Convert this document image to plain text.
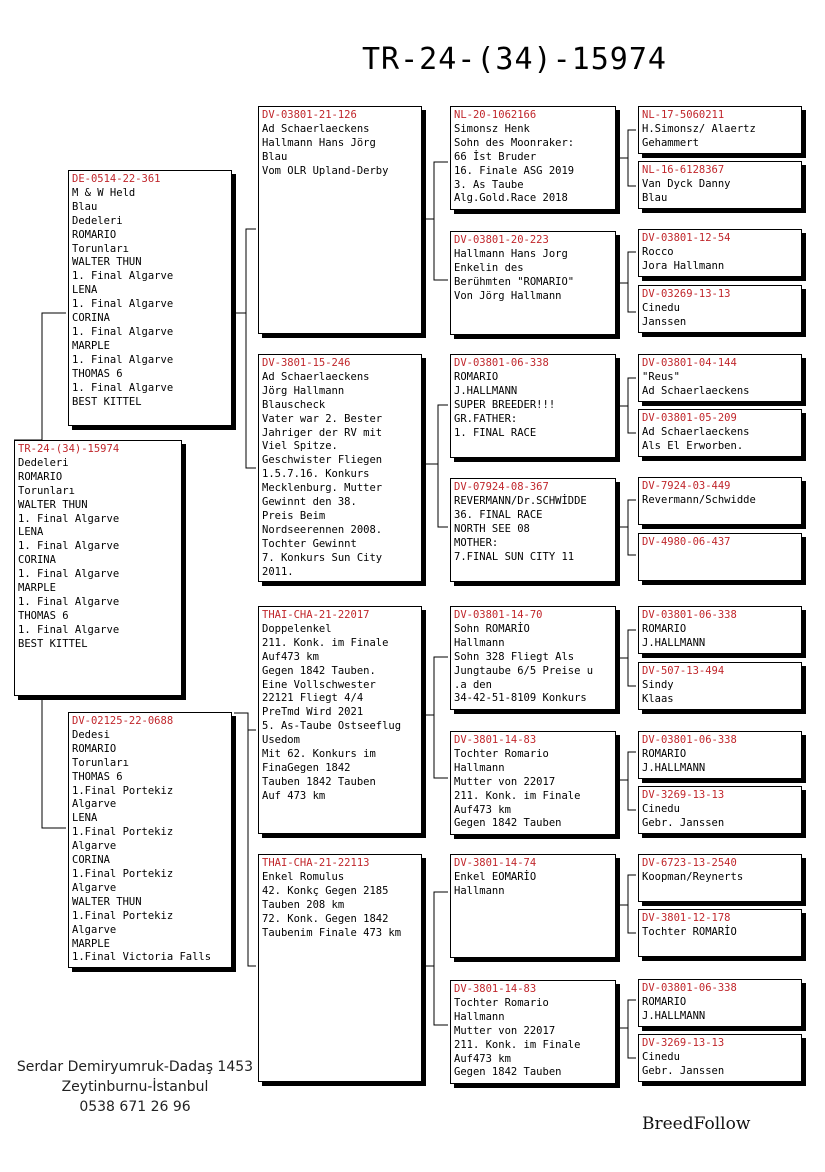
TR-24-(34)-15974
TR-24-(34)-15974
Dedeleri
ROMARIO
Torunları
WALTER THUN
1. Final Algarve
LENA
1. Final Algarve
CORINA
1. Final Algarve
MARPLE
1. Final Algarve
THOMAS 6
1. Final Algarve
BEST KITTEL
DE-0514-22-361
M & W Held
Blau
Dedeleri
ROMARIO
Torunları
WALTER THUN
1. Final Algarve
LENA
1. Final Algarve
CORINA
1. Final Algarve
MARPLE
1. Final Algarve
THOMAS 6
1. Final Algarve
BEST KITTEL
DV-02125-22-0688
Dedesi
ROMARIO
Torunları
THOMAS 6
1.Final Portekiz
Algarve
LENA
1.Final Portekiz
Algarve
CORINA
1.Final Portekiz
Algarve
WALTER THUN
1.Final Portekiz
Algarve
MARPLE
1.Final Victoria Falls
DV-03801-21-126
Ad Schaerlaeckens
Hallmann Hans Jörg
Blau
Vom OLR Upland-Derby
DV-3801-15-246
Ad Schaerlaeckens
Jörg Hallmann
Blauscheck
Vater war 2. Bester
Jahriger der RV mit
Viel Spitze.
Geschwister Fliegen
1.5.7.16. Konkurs
Mecklenburg. Mutter
Gewinnt den 38.
Preis Beim
Nordseerennen 2008.
Tochter Gewinnt
7. Konkurs Sun City
2011.
THAI-CHA-21-22017
Doppelenkel
211. Konk. im Finale
Auf473 km
Gegen 1842 Tauben.
Eine Vollschwester
22121 Fliegt 4/4
PreTmd Wird 2021
5. As-Taube Ostseeflug
Usedom
Mit 62. Konkurs im
FinaGegen 1842
Tauben 1842 Tauben
Auf 473 km
THAI-CHA-21-22113
Enkel Romulus
42. Konkç Gegen 2185
Tauben 208 km
72. Konk. Gegen 1842
Taubenim Finale 473 km
NL-20-1062166
Simonsz Henk
Sohn des Moonraker:
66 İst Bruder
16. Finale ASG 2019
3. As Taube
Alg.Gold.Race 2018
DV-03801-20-223
Hallmann Hans Jorg
Enkelin des
Berühmten "ROMARIO"
Von Jörg Hallmann
DV-03801-06-338
ROMARIO
J.HALLMANN
SUPER BREEDER!!!
GR.FATHER:
1. FINAL RACE
DV-07924-08-367
REVERMANN/Dr.SCHWİDDE
36. FINAL RACE
NORTH SEE 08
MOTHER:
7.FINAL SUN CITY 11
DV-03801-14-70
Sohn ROMARİO
Hallmann
Sohn 328 Fliegt Als
Jungtaube 6/5 Preise u
.a den
34-42-51-8109 Konkurs
DV-3801-14-83
Tochter Romario
Hallmann
Mutter von 22017
211. Konk. im Finale
Auf473 km
Gegen 1842 Tauben
DV-3801-14-74
Enkel EOMARİO
Hallmann
DV-3801-14-83
Tochter Romario
Hallmann
Mutter von 22017
211. Konk. im Finale
Auf473 km
Gegen 1842 Tauben
NL-17-5060211
H.Simonsz/ Alaertz
Gehammert
NL-16-6128367
Van Dyck Danny
Blau
DV-03801-12-54
Rocco
Jora Hallmann
DV-03269-13-13
Cinedu
Janssen
DV-03801-04-144
"Reus"
Ad Schaerlaeckens
DV-03801-05-209
Ad Schaerlaeckens
Als El Erworben.
DV-7924-03-449
Revermann/Schwidde
DV-4980-06-437
DV-03801-06-338
ROMARIO
J.HALLMANN
DV-507-13-494
Sindy
Klaas
DV-03801-06-338
ROMARIO
J.HALLMANN
DV-3269-13-13
Cinedu
Gebr. Janssen
DV-6723-13-2540
Koopman/Reynerts
DV-3801-12-178
Tochter ROMARİO
DV-03801-06-338
ROMARIO
J.HALLMANN
DV-3269-13-13
Cinedu
Gebr. Janssen
Serdar Demiryumruk-Dadaş 1453
Zeytinburnu-İstanbul
0538 671 26 96
BreedFollow
